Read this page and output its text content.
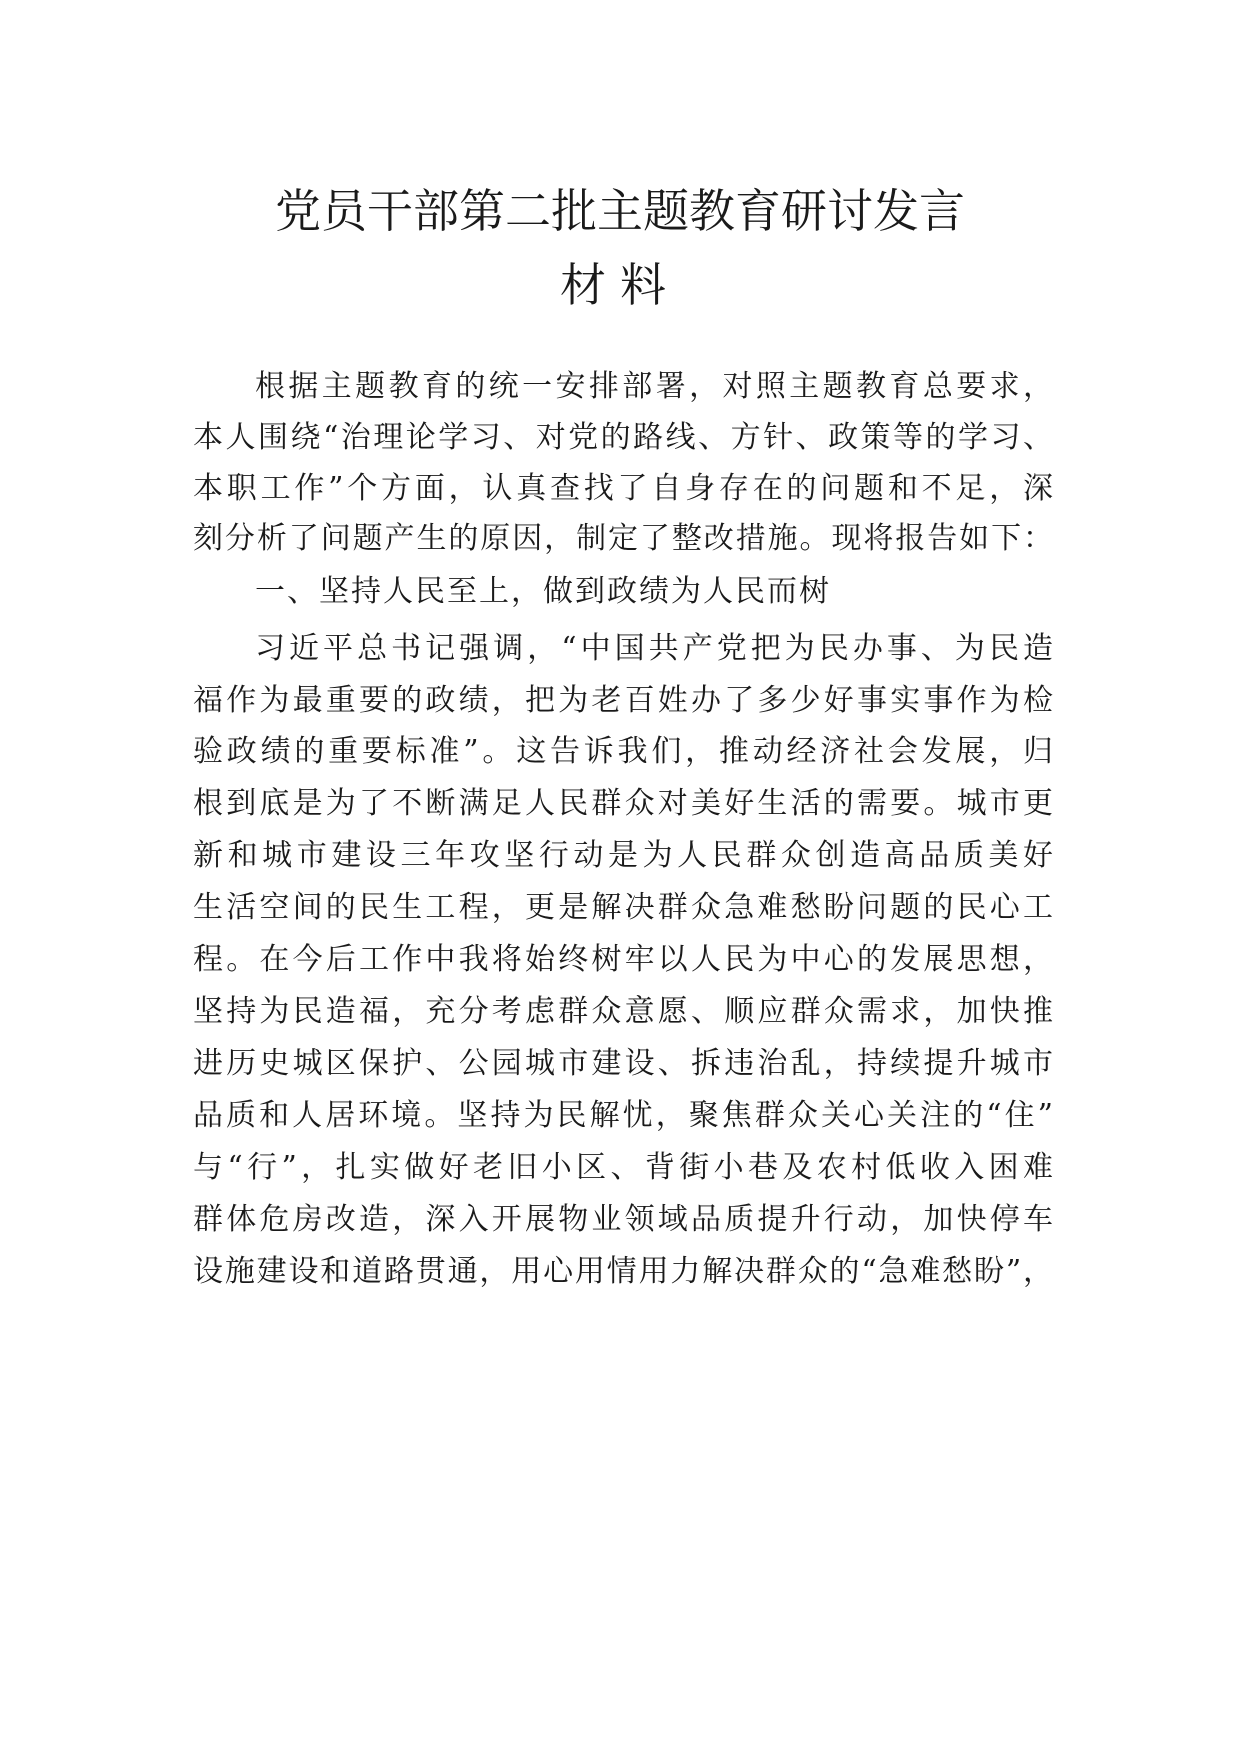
党员干部第二批主题教育研讨发言
材料
根据主题教育的统一安排部署，对照主题教育总要求，
本人围绕“治理论学习、对党的路线、方针、政策等的学习、
本职工作”个方面，认真查找了自身存在的问题和不足，深
刻分析了问题产生的原因，制定了整改措施。现将报告如下：
一、坚持人民至上，做到政绩为人民而树
习近平总书记强调，“中国共产党把为民办事、为民造
福作为最重要的政绩，把为老百姓办了多少好事实事作为检
验政绩的重要标准”。这告诉我们，推动经济社会发展，归
根到底是为了不断满足人民群众对美好生活的需要。城市更
新和城市建设三年攻坚行动是为人民群众创造高品质美好
生活空间的民生工程，更是解决群众急难愁盼问题的民心工
程。在今后工作中我将始终树牢以人民为中心的发展思想，
坚持为民造福，充分考虑群众意愿、顺应群众需求，加快推
进历史城区保护、公园城市建设、拆违治乱，持续提升城市
品质和人居环境。坚持为民解忧，聚焦群众关心关注的“住”
与“行”，扎实做好老旧小区、背街小巷及农村低收入困难
群体危房改造，深入开展物业领域品质提升行动，加快停车
设施建设和道路贯通，用心用情用力解决群众的“急难愁盼”，
